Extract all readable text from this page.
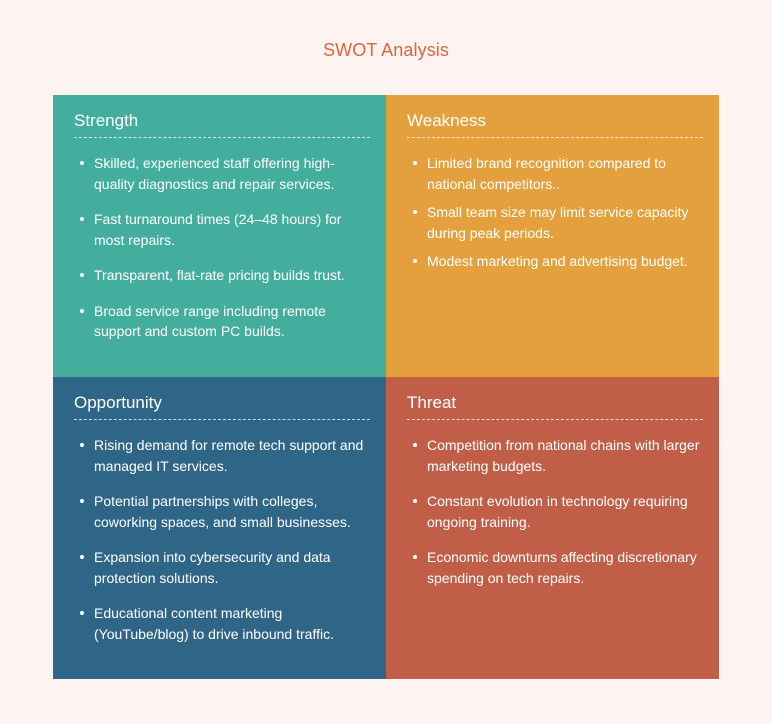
SWOT Analysis
Strength
Skilled, experienced staff offering high-quality diagnostics and repair services.
Fast turnaround times (24–48 hours) for most repairs.
Transparent, flat-rate pricing builds trust.
Broad service range including remote support and custom PC builds.
Weakness
Limited brand recognition compared to national competitors..
Small team size may limit service capacity during peak periods.
Modest marketing and advertising budget.
Opportunity
Rising demand for remote tech support and managed IT services.
Potential partnerships with colleges, coworking spaces, and small businesses.
Expansion into cybersecurity and data protection solutions.
Educational content marketing (YouTube/blog) to drive inbound traffic.
Threat
Competition from national chains with larger marketing budgets.
Constant evolution in technology requiring ongoing training.
Economic downturns affecting discretionary spending on tech repairs.
